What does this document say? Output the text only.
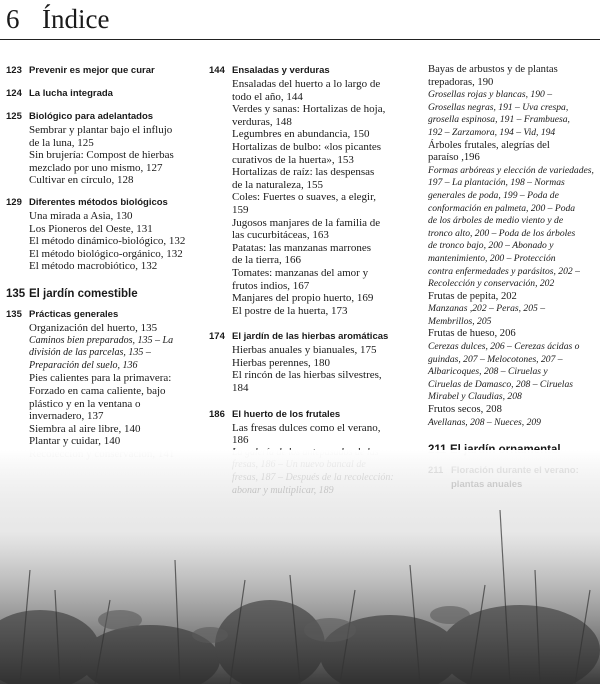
6 Índice
123 Prevenir es mejor que curar
124 La lucha integrada
125 Biológico para adelantados
Sembrar y plantar bajo el influjo
de la luna, 125
Sin brujería: Compost de hierbas
mezclado por uno mismo, 127
Cultivar en círculo, 128
129 Diferentes métodos biológicos
Una mirada a Asia, 130
Los Pioneros del Oeste, 131
El método dinámico-biológico, 132
El método biológico-orgánico, 132
El método macrobiótico, 132
135 El jardín comestible
135 Prácticas generales
Organización del huerto, 135
Caminos bien preparados, 135 – La
división de las parcelas, 135 –
Preparación del suelo, 136
Pies calientes para la primavera:
Forzado en cama caliente, bajo
plástico y en la ventana o
invernadero, 137
Siembra al aire libre, 140
Plantar y cuidar, 140
144 Ensaladas y verduras
Ensaladas del huerto a lo largo de
todo el año, 144
Verdes y sanas: Hortalizas de hoja,
verduras, 148
Legumbres en abundancia, 150
Hortalizas de bulbo: «los picantes
curativos de la huerta», 153
Hortalizas de raíz: las despensas
de la naturaleza, 155
Coles: Fuertes o suaves, a elegir,
159
Jugosos manjares de la familia de
las cucurbitáceas, 163
Patatas: las manzanas marrones
de la tierra, 166
Tomates: manzanas del amor y
frutos indios, 167
Manjares del propio huerto, 169
El postre de la huerta, 173
174 El jardín de las hierbas aromáticas
Hierbas anuales y bianuales, 175
Hierbas perennes, 180
El rincón de las hierbas silvestres,
184
186 El huerto de los frutales
Las fresas dulces como el verano,
186
Bayas de arbustos y de plantas
trepadoras, 190
Grosellas rojas y blancas, 190 –
Grosellas negras, 191 – Uva crespa,
grosella espinosa, 191 – Frambuesa,
192 – Zarzamora, 194 – Vid, 194
Árboles frutales, alegrías del
paraíso ,196
Formas arbóreas y elección de variedades,
197 – La plantación, 198 – Normas
generales de poda, 199 – Poda de
conformación en palmeta, 200 – Poda
de los árboles de medio viento y de
tronco alto, 200 – Poda de los árboles
de tronco bajo, 200 – Abonado y
mantenimiento, 200 – Protección
contra enfermedades y parásitos, 202 –
Recolección y conservación, 202
Frutas de pepita, 202
Manzanas ,202 – Peras, 205 –
Membrillos, 205
Frutas de hueso, 206
Cerezas dulces, 206 – Cerezas ácidas o
guindas, 207 – Melocotones, 207 –
Albaricoques, 208 – Ciruelas y
Ciruelas de Damasco, 208 – Ciruelas
Mirabel y Claudias, 208
Frutos secos, 208
Avellanas, 208 – Nueces, 209
